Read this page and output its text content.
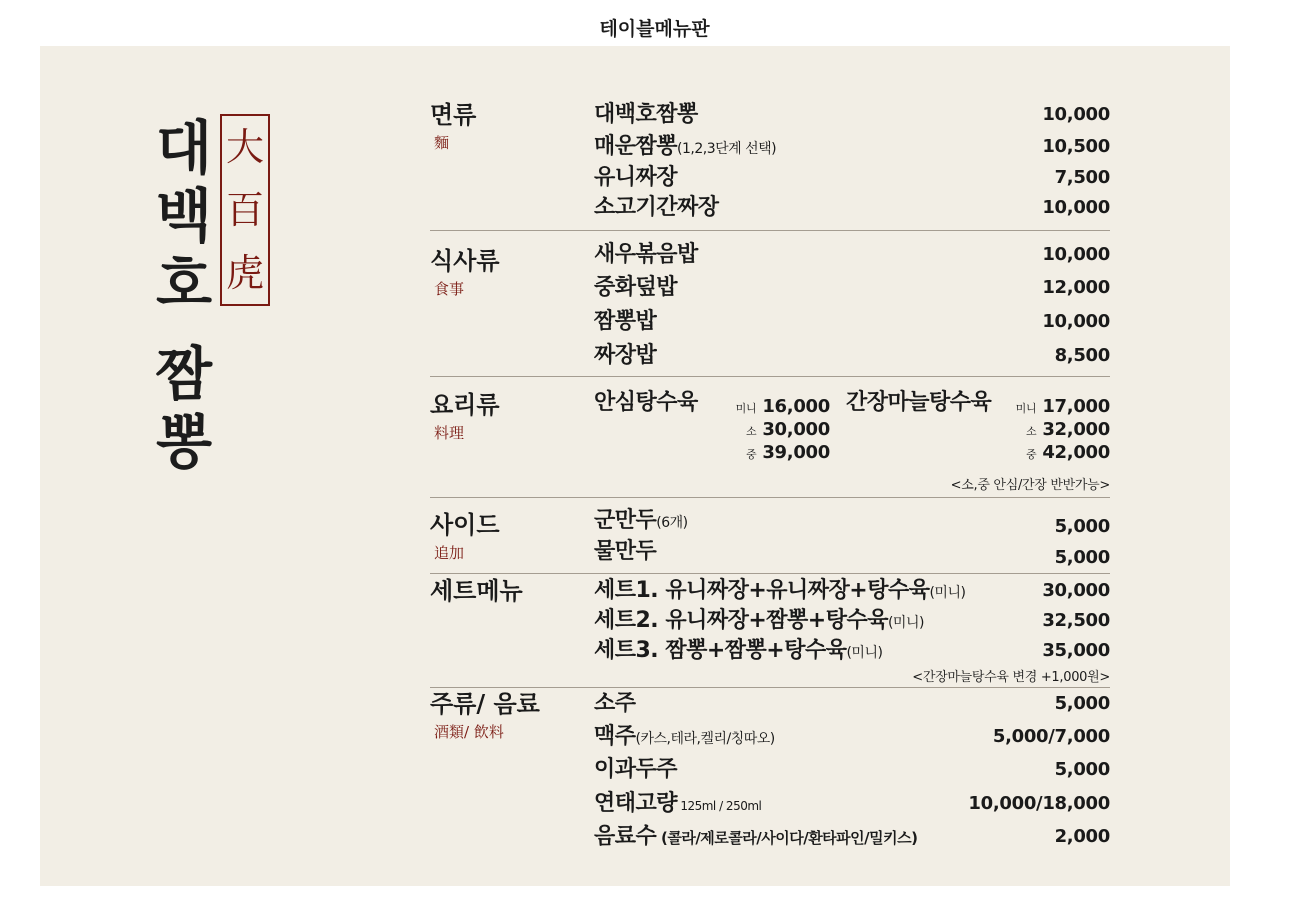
테이블메뉴판
대
백
호
짬
뽕
大
百
虎
면류
麵
대백호짬뽕	10,000
매운짬뽕(1,2,3단계 선택)	10,500
유니짜장	7,500
소고기간짜장	10,000
식사류
食事
새우볶음밥	10,000
중화덮밥	12,000
짬뽕밥	10,000
짜장밥	8,500
요리류
料理
안심탕수육	미니 16,000
소 30,000
중 39,000
간장마늘탕수육 미니 17,000
소 32,000
중 42,000
<소,중 안심/간장 반반가능>
사이드
追加
군만두(6개)	5,000
물만두	5,000
세트메뉴	세트1. 유니짜장+유니짜장+탕수육(미니)	30,000
세트2. 유니짜장+짬뽕+탕수육(미니)	32,500
세트3. 짬뽕+짬뽕+탕수육(미니)	35,000
<간장마늘탕수육 변경 +1,000원>
주류/ 음료
酒類/ 飲料
소주	5,000
맥주(카스,테라,켈리/칭따오)	5,000/7,000
이과두주	5,000
연태고량 125ml / 250ml	10,000/18,000
음료수 (콜라/제로콜라/사이다/환타파인/밀키스)	2,000
